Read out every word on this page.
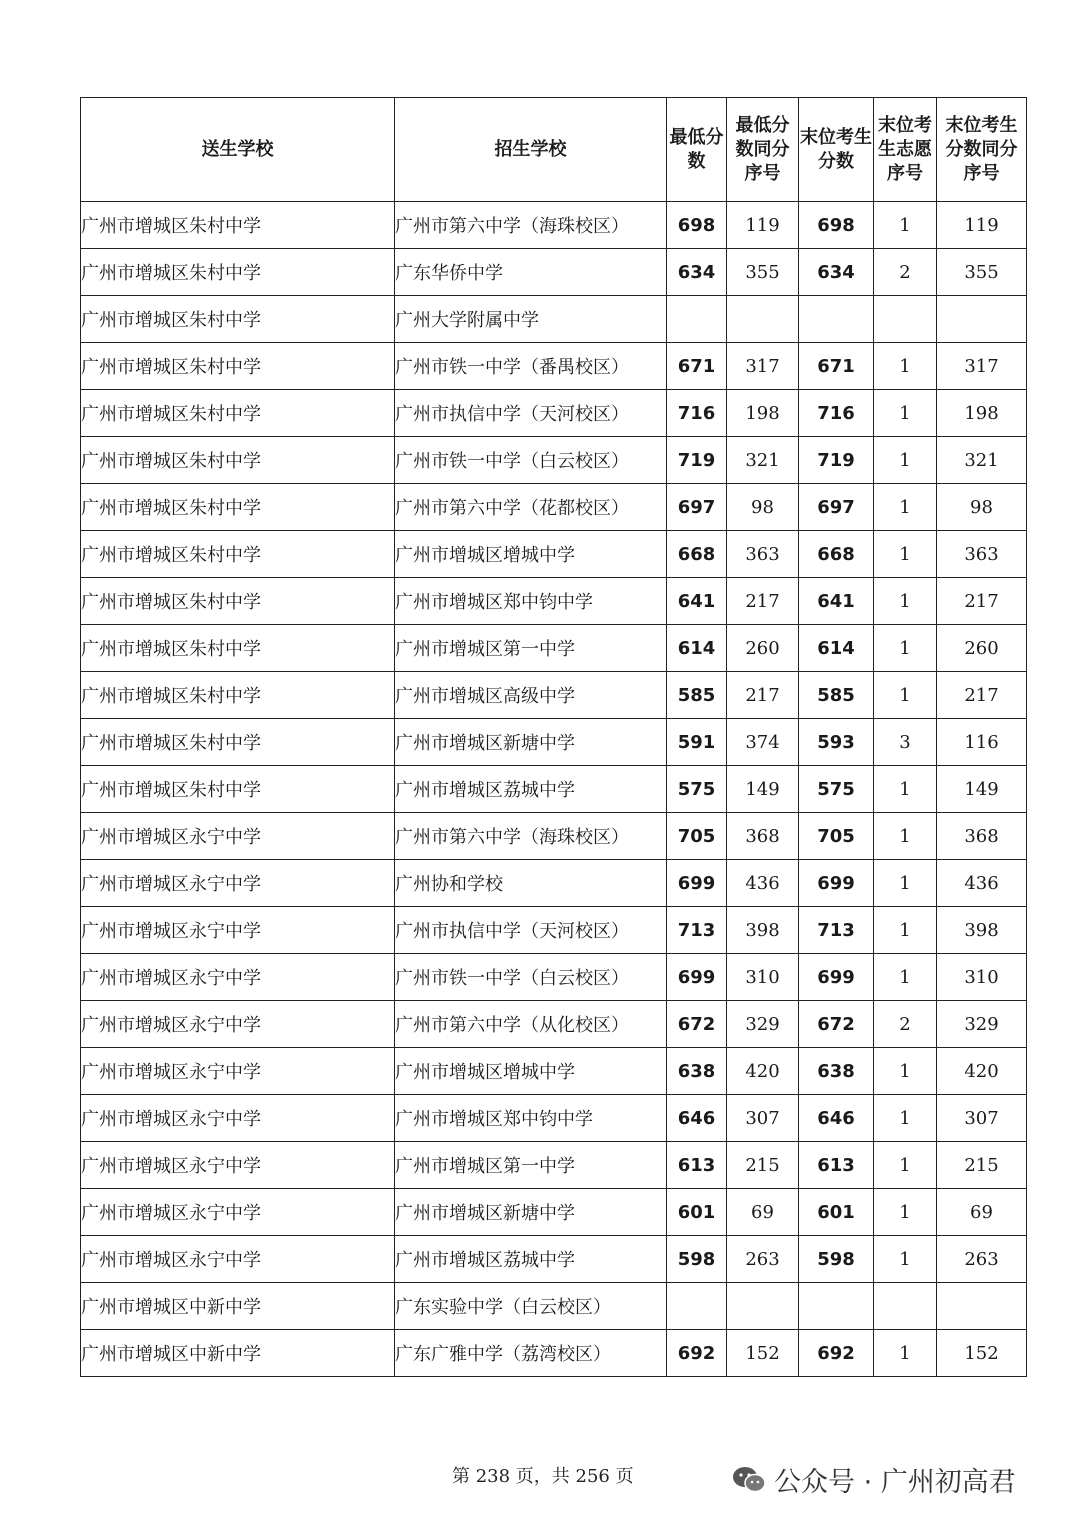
送生学校	招生学校	最低分数	最低分数同分序号	末位考生分数	末位考生志愿序号	末位考生分数同分序号
广州市增城区朱村中学	广州市第六中学（海珠校区）	698	119	698	1	119
广州市增城区朱村中学	广东华侨中学	634	355	634	2	355
广州市增城区朱村中学	广州大学附属中学					
广州市增城区朱村中学	广州市铁一中学（番禺校区）	671	317	671	1	317
广州市增城区朱村中学	广州市执信中学（天河校区）	716	198	716	1	198
广州市增城区朱村中学	广州市铁一中学（白云校区）	719	321	719	1	321
广州市增城区朱村中学	广州市第六中学（花都校区）	697	98	697	1	98
广州市增城区朱村中学	广州市增城区增城中学	668	363	668	1	363
广州市增城区朱村中学	广州市增城区郑中钧中学	641	217	641	1	217
广州市增城区朱村中学	广州市增城区第一中学	614	260	614	1	260
广州市增城区朱村中学	广州市增城区高级中学	585	217	585	1	217
广州市增城区朱村中学	广州市增城区新塘中学	591	374	593	3	116
广州市增城区朱村中学	广州市增城区荔城中学	575	149	575	1	149
广州市增城区永宁中学	广州市第六中学（海珠校区）	705	368	705	1	368
广州市增城区永宁中学	广州协和学校	699	436	699	1	436
广州市增城区永宁中学	广州市执信中学（天河校区）	713	398	713	1	398
广州市增城区永宁中学	广州市铁一中学（白云校区）	699	310	699	1	310
广州市增城区永宁中学	广州市第六中学（从化校区）	672	329	672	2	329
广州市增城区永宁中学	广州市增城区增城中学	638	420	638	1	420
广州市增城区永宁中学	广州市增城区郑中钧中学	646	307	646	1	307
广州市增城区永宁中学	广州市增城区第一中学	613	215	613	1	215
广州市增城区永宁中学	广州市增城区新塘中学	601	69	601	1	69
广州市增城区永宁中学	广州市增城区荔城中学	598	263	598	1	263
广州市增城区中新中学	广东实验中学（白云校区）					
广州市增城区中新中学	广东广雅中学（荔湾校区）	692	152	692	1	152
第 238 页，共 256 页	公众号 · 广州初高君
